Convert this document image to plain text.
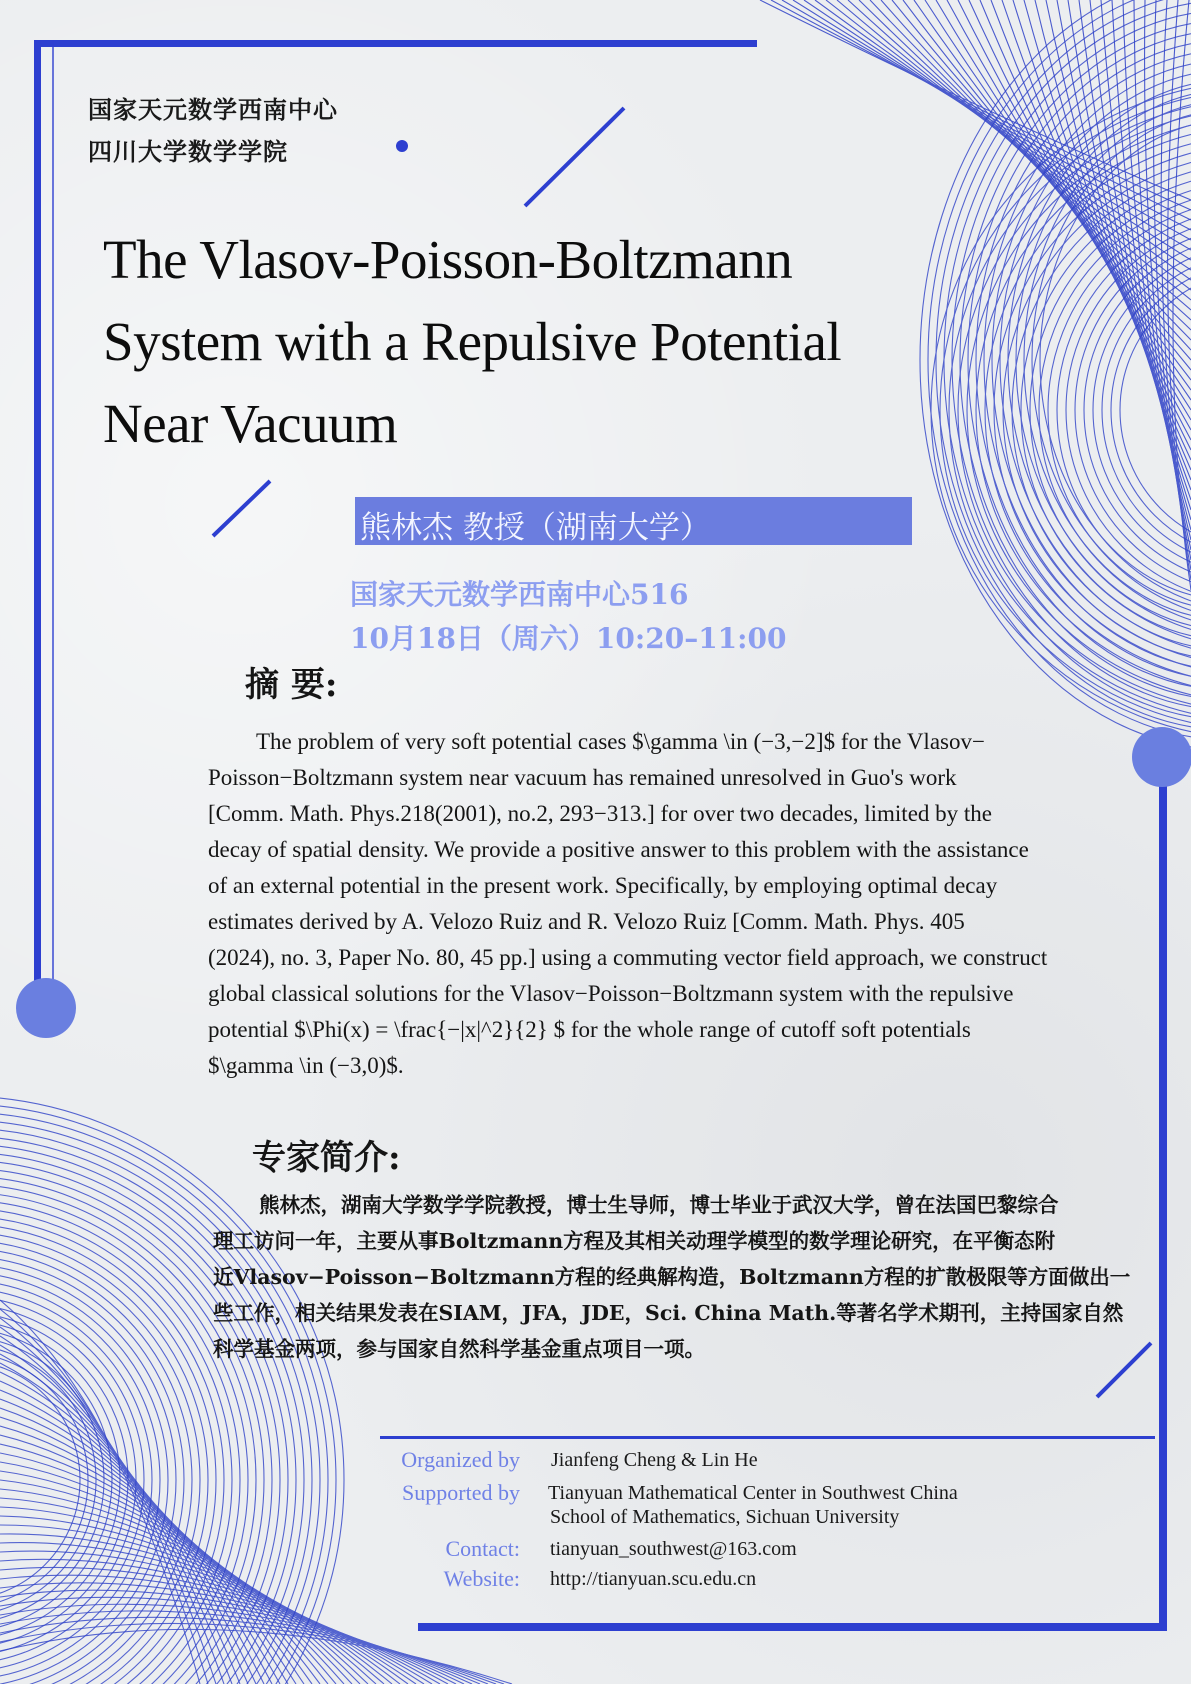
国家天元数学西南中心
四川大学数学学院
The Vlasov-Poisson-Boltzmann
System with a Repulsive Potential
Near Vacuum
熊林杰 教授（湖南大学）
国家天元数学西南中心516
10月18日（周六）10:20–11:00
摘 要:
The problem of very soft potential cases $\gamma \in (−3,−2]$ for the Vlasov−
Poisson−Boltzmann system near vacuum has remained unresolved in Guo's work
[Comm. Math. Phys.218(2001), no.2, 293−313.] for over two decades, limited by the
decay of spatial density. We provide a positive answer to this problem with the assistance
of an external potential in the present work. Specifically, by employing optimal decay
estimates derived by A. Velozo Ruiz and R. Velozo Ruiz [Comm. Math. Phys. 405
(2024), no. 3, Paper No. 80, 45 pp.] using a commuting vector field approach, we construct
global classical solutions for the Vlasov−Poisson−Boltzmann system with the repulsive
potential $\Phi(x) = \frac{−|x|^2}{2} $ for the whole range of cutoff soft potentials
$\gamma \in (−3,0)$.
专家简介:
熊林杰，湖南大学数学学院教授，博士生导师，博士毕业于武汉大学，曾在法国巴黎综合
理工访问一年，主要从事Boltzmann方程及其相关动理学模型的数学理论研究，在平衡态附
近Vlasov−Poisson−Boltzmann方程的经典解构造，Boltzmann方程的扩散极限等方面做出一
些工作，相关结果发表在SIAM，JFA，JDE，Sci. China Math.等著名学术期刊，主持国家自然
科学基金两项，参与国家自然科学基金重点项目一项。
Organized by Jianfeng Cheng & Lin He
Supported by Tianyuan Mathematical Center in Southwest China
School of Mathematics, Sichuan University
Contact: tianyuan_southwest@163.com
Website: http://tianyuan.scu.edu.cn
